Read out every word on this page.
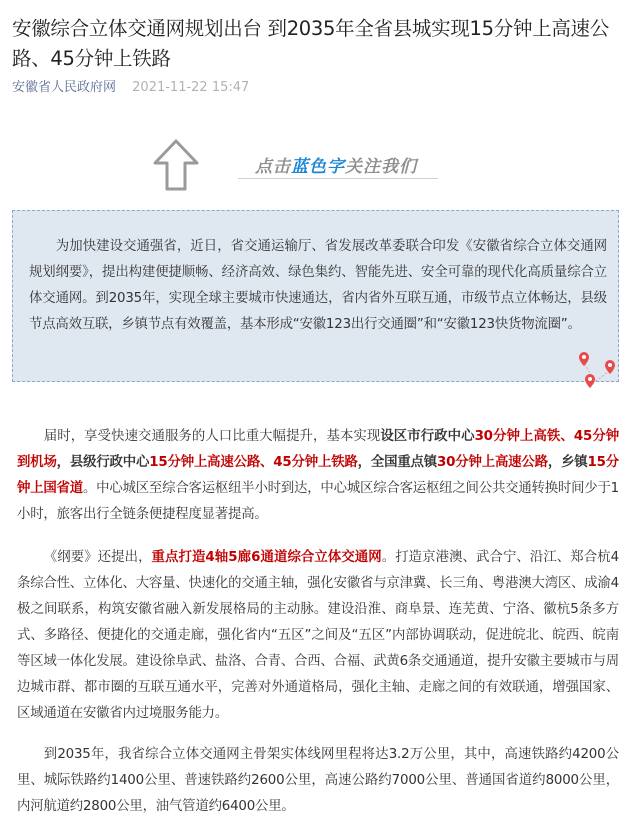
安徽综合立体交通网规划出台 到2035年全省县城实现15分钟上高速公路、45分钟上铁路
安徽省人民政府网 2021-11-22 15:47
点击蓝色字关注我们

为加快建设交通强省，近日，省交通运输厅、省发展改革委联合印发《安徽省综合立体交通网规划纲要》，提出构建便捷顺畅、经济高效、绿色集约、智能先进、安全可靠的现代化高质量综合立体交通网。到2035年，实现全球主要城市快速通达，省内省外互联互通，市级节点立体畅达，县级节点高效互联，乡镇节点有效覆盖，基本形成“安徽123出行交通圈”和“安徽123快货物流圈”。

届时，享受快速交通服务的人口比重大幅提升，基本实现设区市行政中心30分钟上高铁、45分钟到机场，县级行政中心15分钟上高速公路、45分钟上铁路，全国重点镇30分钟上高速公路，乡镇15分钟上国省道。中心城区至综合客运枢纽半小时到达，中心城区综合客运枢纽之间公共交通转换时间少于1小时，旅客出行全链条便捷程度显著提高。

《纲要》还提出，重点打造4轴5廊6通道综合立体交通网。打造京港澳、武合宁、沿江、郑合杭4条综合性、立体化、大容量、快速化的交通主轴，强化安徽省与京津冀、长三角、粤港澳大湾区、成渝4极之间联系，构筑安徽省融入新发展格局的主动脉。建设沿淮、商阜景、连芜黄、宁洛、徽杭5条多方式、多路径、便捷化的交通走廊，强化省内“五区”之间及“五区”内部协调联动，促进皖北、皖西、皖南等区域一体化发展。建设徐阜武、盐洛、合青、合西、合福、武黄6条交通通道，提升安徽主要城市与周边城市群、都市圈的互联互通水平，完善对外通道格局，强化主轴、走廊之间的有效联通，增强国家、区域通道在安徽省内过境服务能力。

到2035年，我省综合立体交通网主骨架实体线网里程将达3.2万公里，其中，高速铁路约4200公里、城际铁路约1400公里、普速铁路约2600公里，高速公路约7000公里、普通国省道约8000公里，内河航道约2800公里，油气管道约6400公里。
